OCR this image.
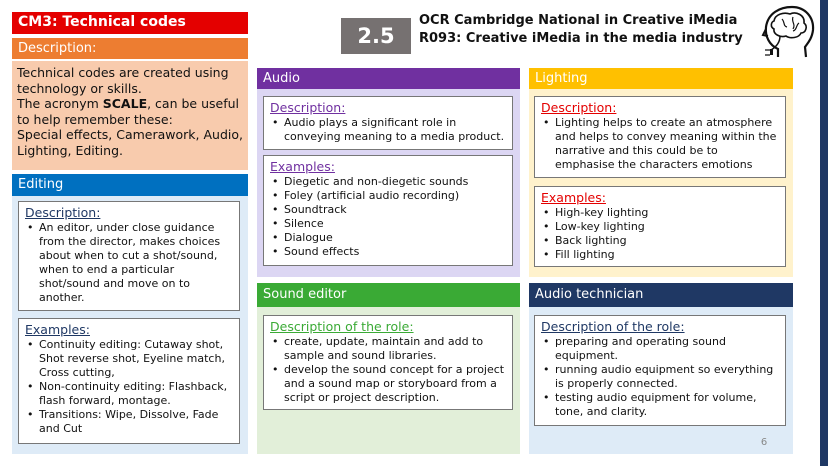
CM3: Technical codes
Description:

Technical codes are created using technology or skills.

The acronym SCALE, can be useful to help remember these:

Special effects, Camerawork, Audio, Lighting, Editing.

Editing
Description:
• An editor, under close guidance from the director, makes choices about when to cut a shot/sound, when to end a particular shot/sound and move on to another.
Examples:
• Continuity editing: Cutaway shot, Shot reverse shot, Eyeline match, Cross cutting,
• Non-continuity editing: Flashback, flash forward, montage.
• Transitions: Wipe, Dissolve, Fade and Cut
2.5
OCR Cambridge National in Creative iMedia
R093: Creative iMedia in the media industry
Audio
Description:
• Audio plays a significant role in conveying meaning to a media product.
Examples:
• Diegetic and non-diegetic sounds
• Foley (artificial audio recording)
• Soundtrack
• Silence
• Dialogue
• Sound effects
Sound editor
Description of the role:
• create, update, maintain and add to sample and sound libraries.
• develop the sound concept for a project and a sound map or storyboard from a script or project description.
Lighting
Description:
• Lighting helps to create an atmosphere and helps to convey meaning within the narrative and this could be to emphasise the characters emotions
Examples:
• High-key lighting
• Low-key lighting
• Back lighting
• Fill lighting
Audio technician
Description of the role:
• preparing and operating sound equipment.
• running audio equipment so everything is properly connected.
• testing audio equipment for volume, tone, and clarity.
6
